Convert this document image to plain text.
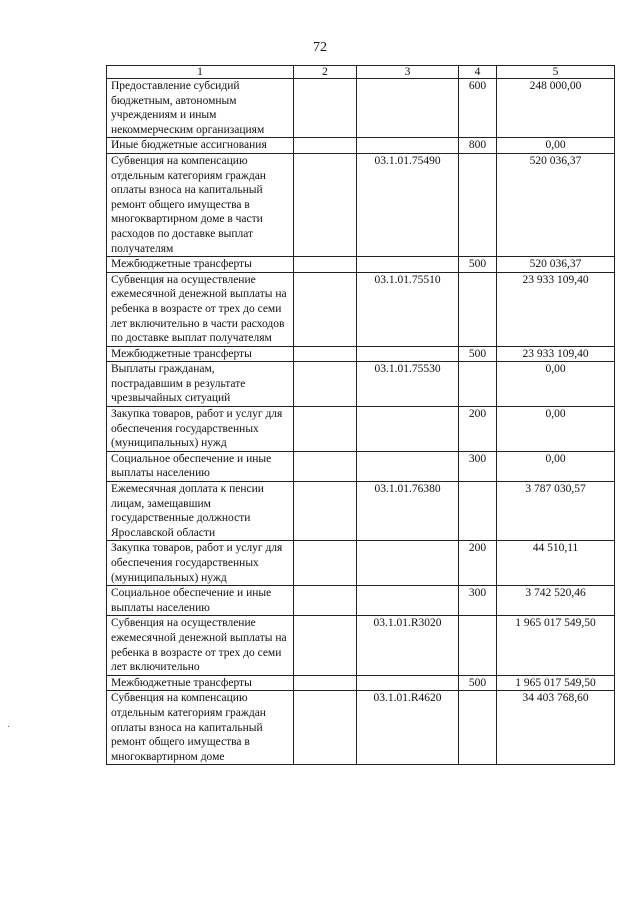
72
1	2	3	4	5
Предоставление субсидий бюджетным, автономным учреждениям и иным некоммерческим организациям			600	248 000,00
Иные бюджетные ассигнования			800	0,00
Субвенция на компенсацию отдельным категориям граждан оплаты взноса на капитальный ремонт общего имущества в многоквартирном доме в части расходов по доставке выплат получателям		03.1.01.75490		520 036,37
Межбюджетные трансферты			500	520 036,37
Субвенция на осуществление ежемесячной денежной выплаты на ребенка в возрасте от трех до семи лет включительно в части расходов по доставке выплат получателям		03.1.01.75510		23 933 109,40
Межбюджетные трансферты			500	23 933 109,40
Выплаты гражданам, пострадавшим в результате чрезвычайных ситуаций		03.1.01.75530		0,00
Закупка товаров, работ и услуг для обеспечения государственных (муниципальных) нужд			200	0,00
Социальное обеспечение и иные выплаты населению			300	0,00
Ежемесячная доплата к пенсии лицам, замещавшим государственные должности Ярославской области		03.1.01.76380		3 787 030,57
Закупка товаров, работ и услуг для обеспечения государственных (муниципальных) нужд			200	44 510,11
Социальное обеспечение и иные выплаты населению			300	3 742 520,46
Субвенция на осуществление ежемесячной денежной выплаты на ребенка в возрасте от трех до семи лет включительно		03.1.01.R3020		1 965 017 549,50
Межбюджетные трансферты			500	1 965 017 549,50
Субвенция на компенсацию отдельным категориям граждан оплаты взноса на капитальный ремонт общего имущества в многоквартирном доме		03.1.01.R4620		34 403 768,60
·
